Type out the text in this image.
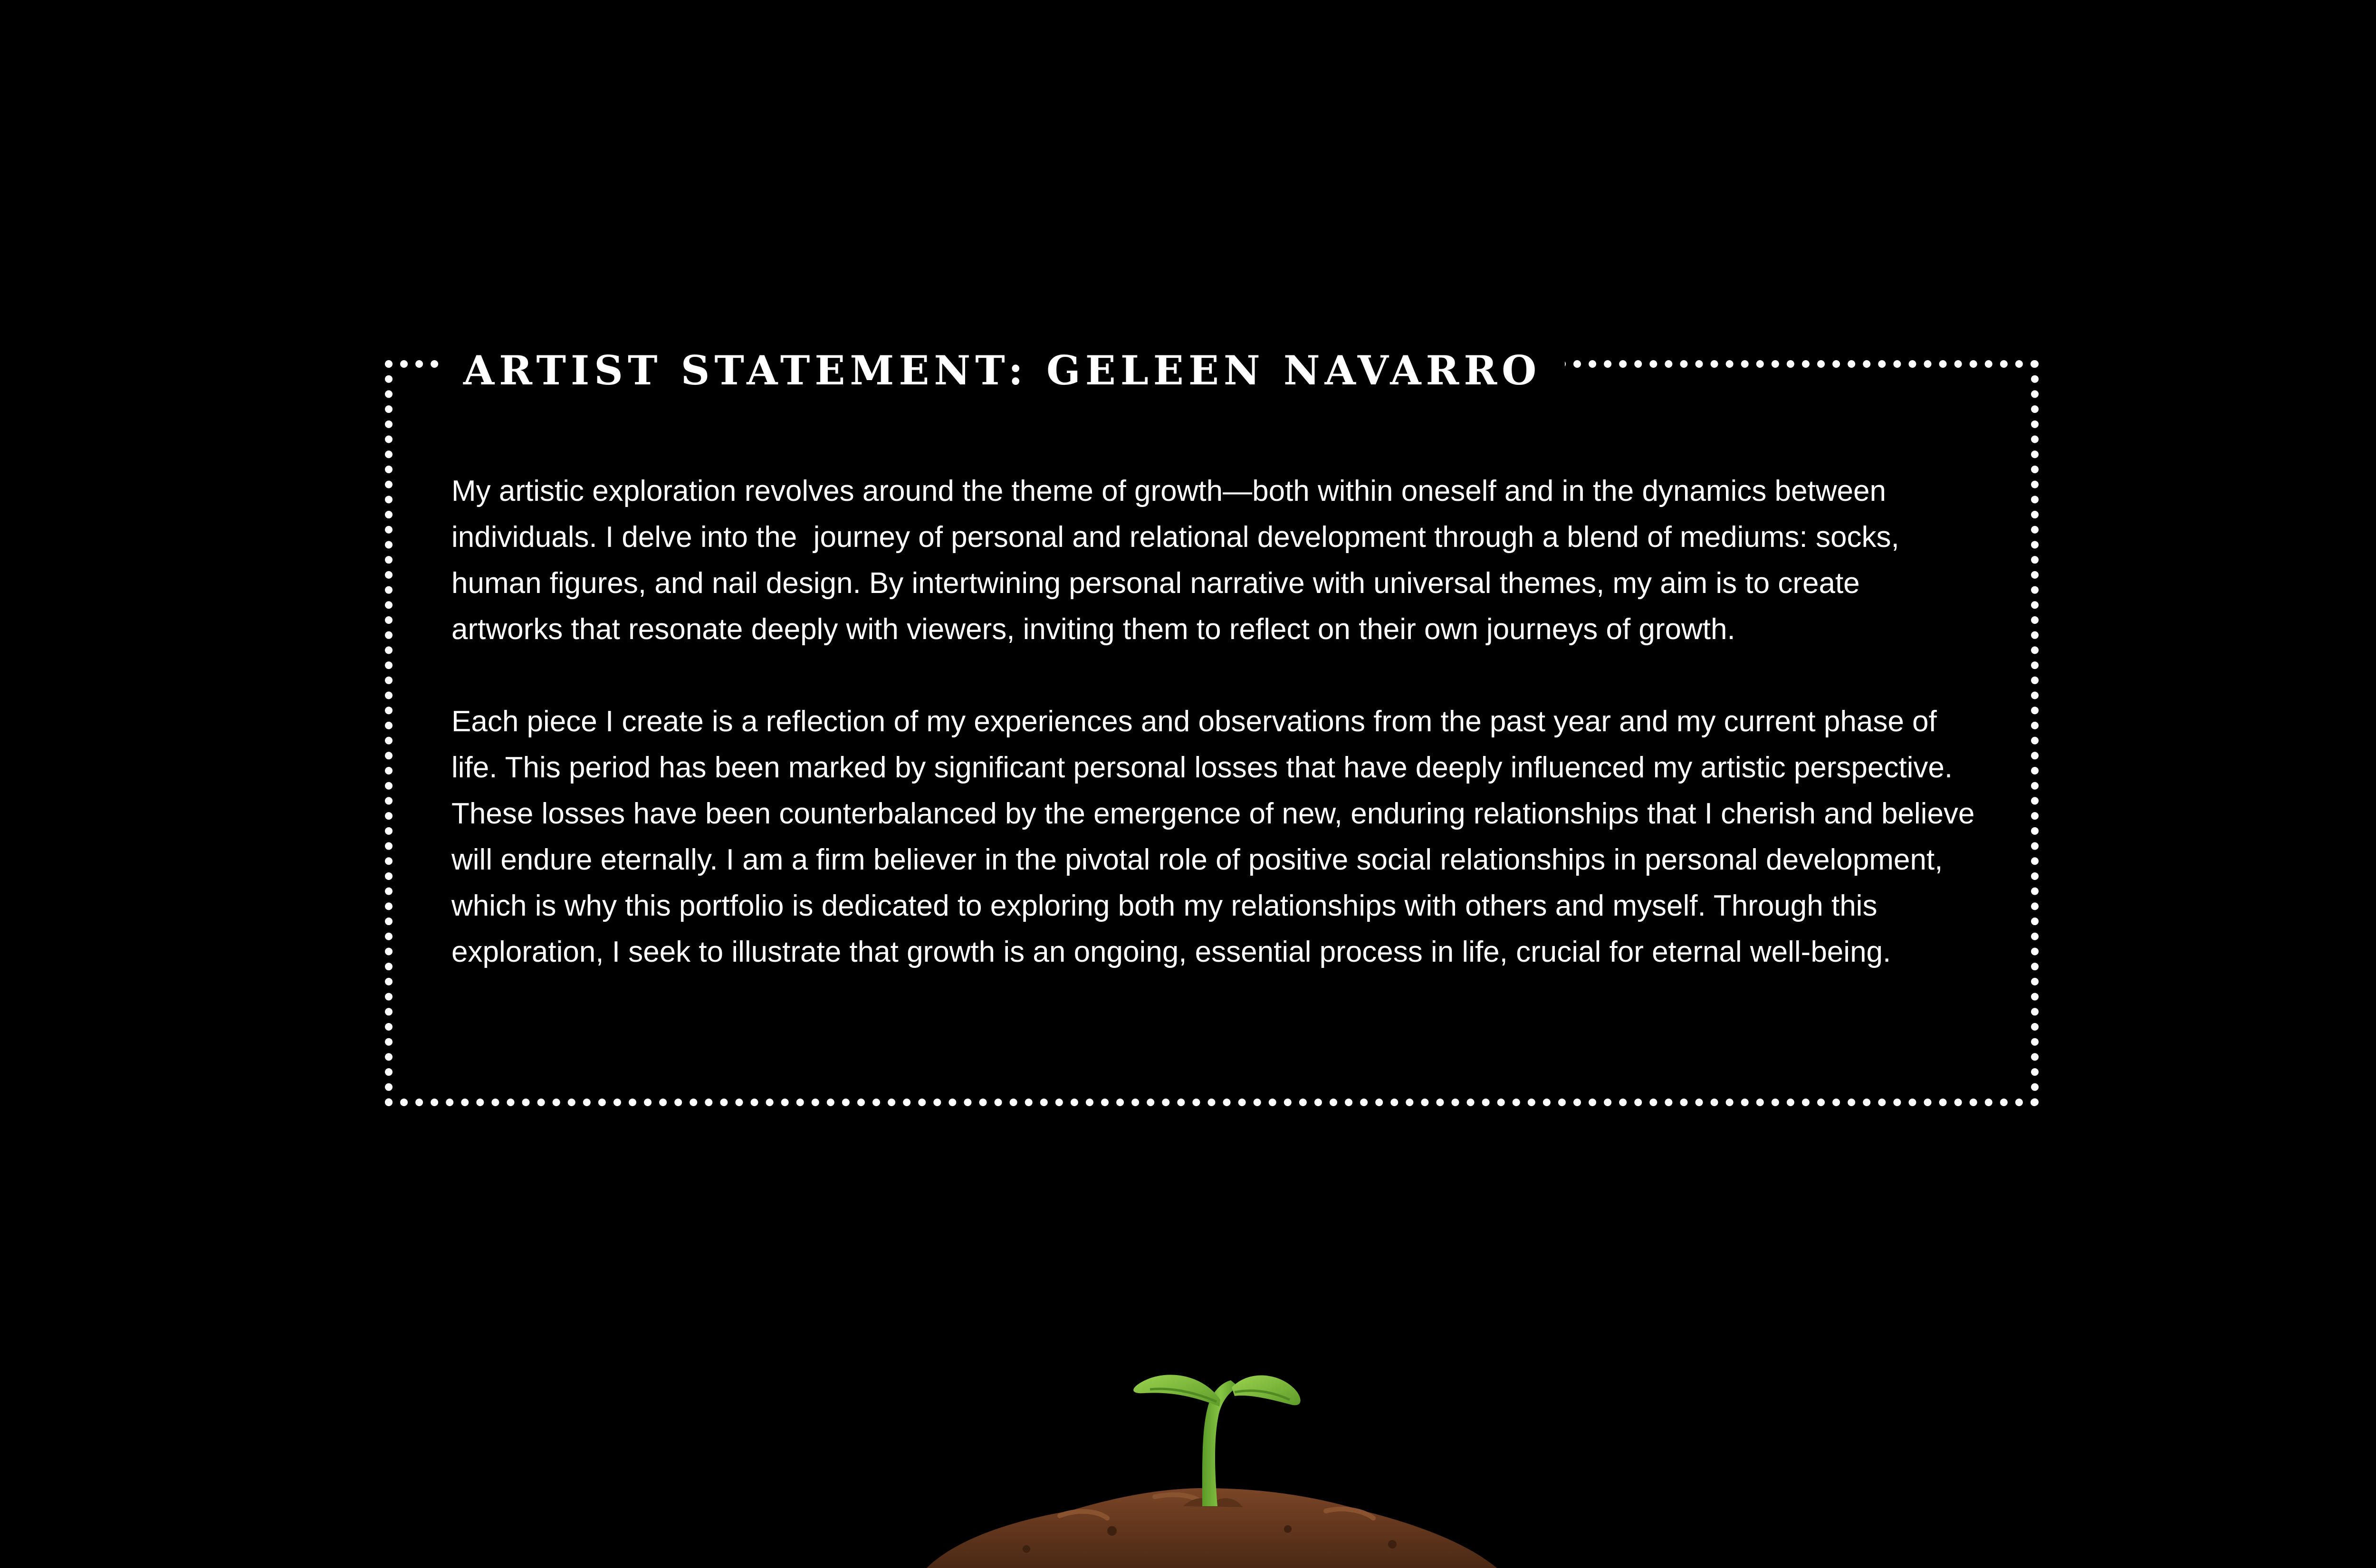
ARTIST STATEMENT: GELEEN NAVARRO

My artistic exploration revolves around the theme of growth—both within oneself and in the dynamics between individuals. I delve into the  journey of personal and relational development through a blend of mediums: socks, human figures, and nail design. By intertwining personal narrative with universal themes, my aim is to create artworks that resonate deeply with viewers, inviting them to reflect on their own journeys of growth.

Each piece I create is a reflection of my experiences and observations from the past year and my current phase of life. This period has been marked by significant personal losses that have deeply influenced my artistic perspective. These losses have been counterbalanced by the emergence of new, enduring relationships that I cherish and believe will endure eternally. I am a firm believer in the pivotal role of positive social relationships in personal development, which is why this portfolio is dedicated to exploring both my relationships with others and myself. Through this exploration, I seek to illustrate that growth is an ongoing, essential process in life, crucial for eternal well-being.
